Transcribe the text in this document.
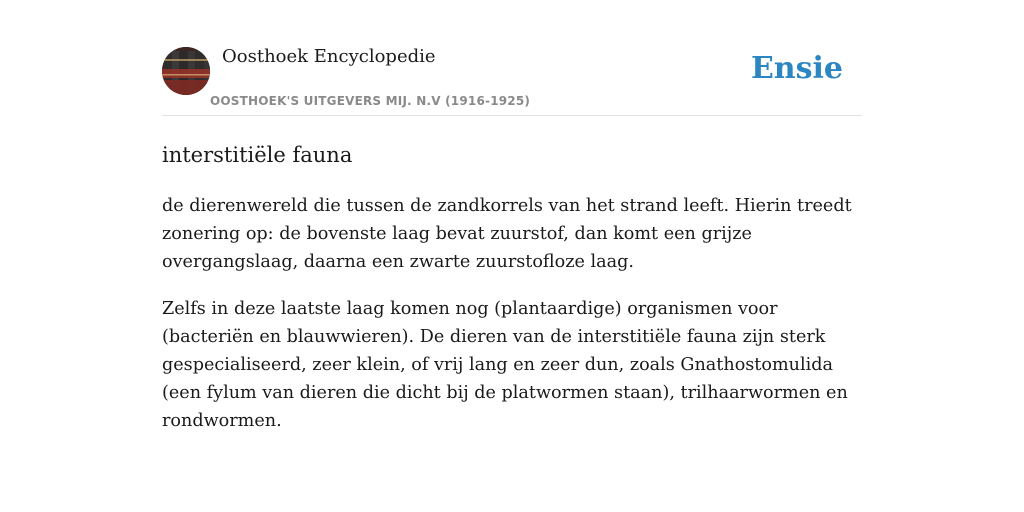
Oosthoek Encyclopedie
OOSTHOEK'S UITGEVERS MIJ. N.V (1916-1925)
Ensie
interstitiële fauna

de dierenwereld die tussen de zandkorrels van het strand leeft. Hierin treedt zonering op: de bovenste laag bevat zuurstof, dan komt een grijze overgangslaag, daarna een zwarte zuurstofloze laag.

Zelfs in deze laatste laag komen nog (plantaardige) organismen voor (bacteriën en blauwwieren). De dieren van de interstitiële fauna zijn sterk gespecialiseerd, zeer klein, of vrij lang en zeer dun, zoals Gnathostomulida (een fylum van dieren die dicht bij de platwormen staan), trilhaarwormen en rondwormen.
